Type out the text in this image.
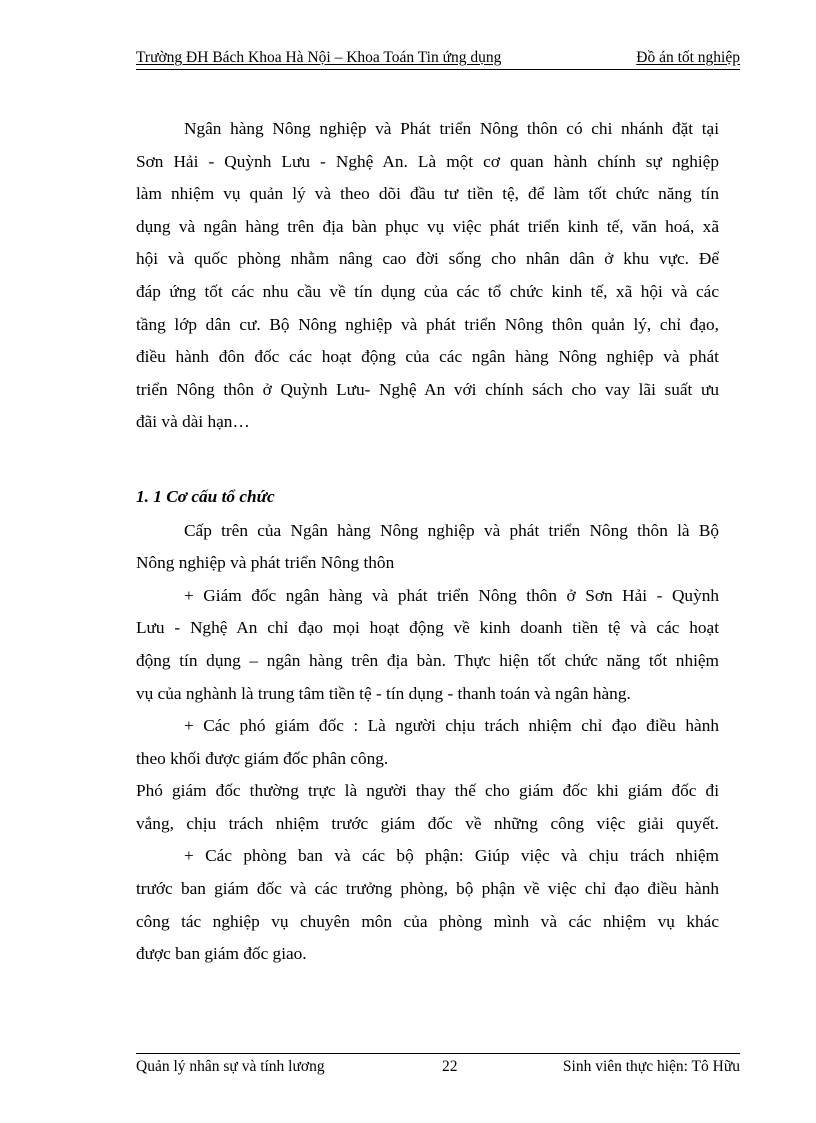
Trường ĐH Bách Khoa Hà Nội – Khoa Toán Tin ứng dụng	Đồ án tốt nghiệp
Ngân hàng Nông nghiệp và Phát triển Nông thôn có chi nhánh đặt tại
Sơn Hải - Quỳnh Lưu - Nghệ An. Là một cơ quan hành chính sự nghiệp
làm nhiệm vụ quản lý và theo dõi đầu tư tiền tệ, để làm tốt chức năng tín
dụng và ngân hàng trên địa bàn phục vụ việc phát triển kinh tế, văn hoá, xã
hội và quốc phòng nhằm nâng cao đời sống cho nhân dân ở khu vực. Để
đáp ứng tốt các nhu cầu về tín dụng của các tổ chức kinh tế, xã hội và các
tầng lớp dân cư. Bộ Nông nghiệp và phát triển Nông thôn quản lý, chỉ đạo,
điều hành đôn đốc các hoạt động của các ngân hàng Nông nghiệp và phát
triển Nông thôn ở Quỳnh Lưu- Nghệ An với chính sách cho vay lãi suất ưu
đãi và dài hạn…
1. 1 Cơ cấu tổ chức
Cấp trên của Ngân hàng Nông nghiệp và phát triển Nông thôn là Bộ
Nông nghiệp và phát triển Nông thôn
+ Giám đốc ngân hàng và phát triển Nông thôn ở Sơn Hải - Quỳnh
Lưu - Nghệ An chỉ đạo mọi hoạt động về kinh doanh tiền tệ và các hoạt
động tín dụng – ngân hàng trên địa bàn. Thực hiện tốt chức năng tốt nhiệm
vụ của nghành là trung tâm tiền tệ - tín dụng - thanh toán và ngân hàng.
+ Các phó giám đốc : Là người chịu trách nhiệm chỉ đạo điều hành
theo khối được giám đốc phân công.
Phó giám đốc thường trực là người thay thế cho giám đốc khi giám đốc đi
vắng, chịu trách nhiệm trước giám đốc về những công việc giải quyết.
+ Các phòng ban và các bộ phận: Giúp việc và chịu trách nhiệm
trước ban giám đốc và các trưởng phòng, bộ phận về việc chỉ đạo điều hành
công tác nghiệp vụ chuyên môn của phòng mình và các nhiệm vụ khác
được ban giám đốc giao.
Quản lý nhân sự và tính lương	22	Sinh viên thực hiện: Tô Hữu
